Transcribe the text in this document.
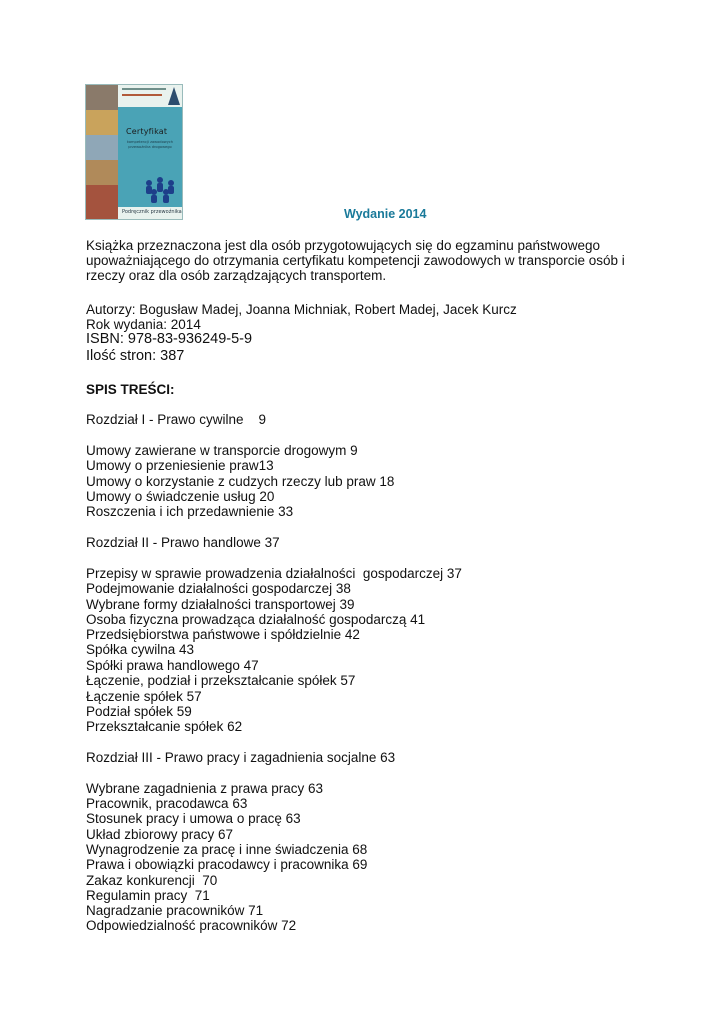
Certyfikat
kompetencji zawodowych przewoźnika drogowego
Podręcznik przewoźnika	Wydanie 2014
Książka przeznaczona jest dla osób przygotowujących się do egzaminu państwowego
upoważniającego do otrzymania certyfikatu kompetencji zawodowych w transporcie osób i
rzeczy oraz dla osób zarządzających transportem.
Autorzy: Bogusław Madej, Joanna Michniak, Robert Madej, Jacek Kurcz
Rok wydania: 2014
ISBN: 978-83-936249-5-9
Ilość stron: 387
SPIS TREŚCI:
Rozdział I - Prawo cywilne    9
Umowy zawierane w transporcie drogowym 9
Umowy o przeniesienie praw13
Umowy o korzystanie z cudzych rzeczy lub praw 18
Umowy o świadczenie usług 20
Roszczenia i ich przedawnienie 33
Rozdział II - Prawo handlowe 37
Przepisy w sprawie prowadzenia działalności  gospodarczej 37
Podejmowanie działalności gospodarczej 38
Wybrane formy działalności transportowej 39
Osoba fizyczna prowadząca działalność gospodarczą 41
Przedsiębiorstwa państwowe i spółdzielnie 42
Spółka cywilna 43
Spółki prawa handlowego 47
Łączenie, podział i przekształcanie spółek 57
Łączenie spółek 57
Podział spółek 59
Przekształcanie spółek 62
Rozdział III - Prawo pracy i zagadnienia socjalne 63
Wybrane zagadnienia z prawa pracy 63
Pracownik, pracodawca 63
Stosunek pracy i umowa o pracę 63
Układ zbiorowy pracy 67
Wynagrodzenie za pracę i inne świadczenia 68
Prawa i obowiązki pracodawcy i pracownika 69
Zakaz konkurencji  70
Regulamin pracy  71
Nagradzanie pracowników 71
Odpowiedzialność pracowników 72
